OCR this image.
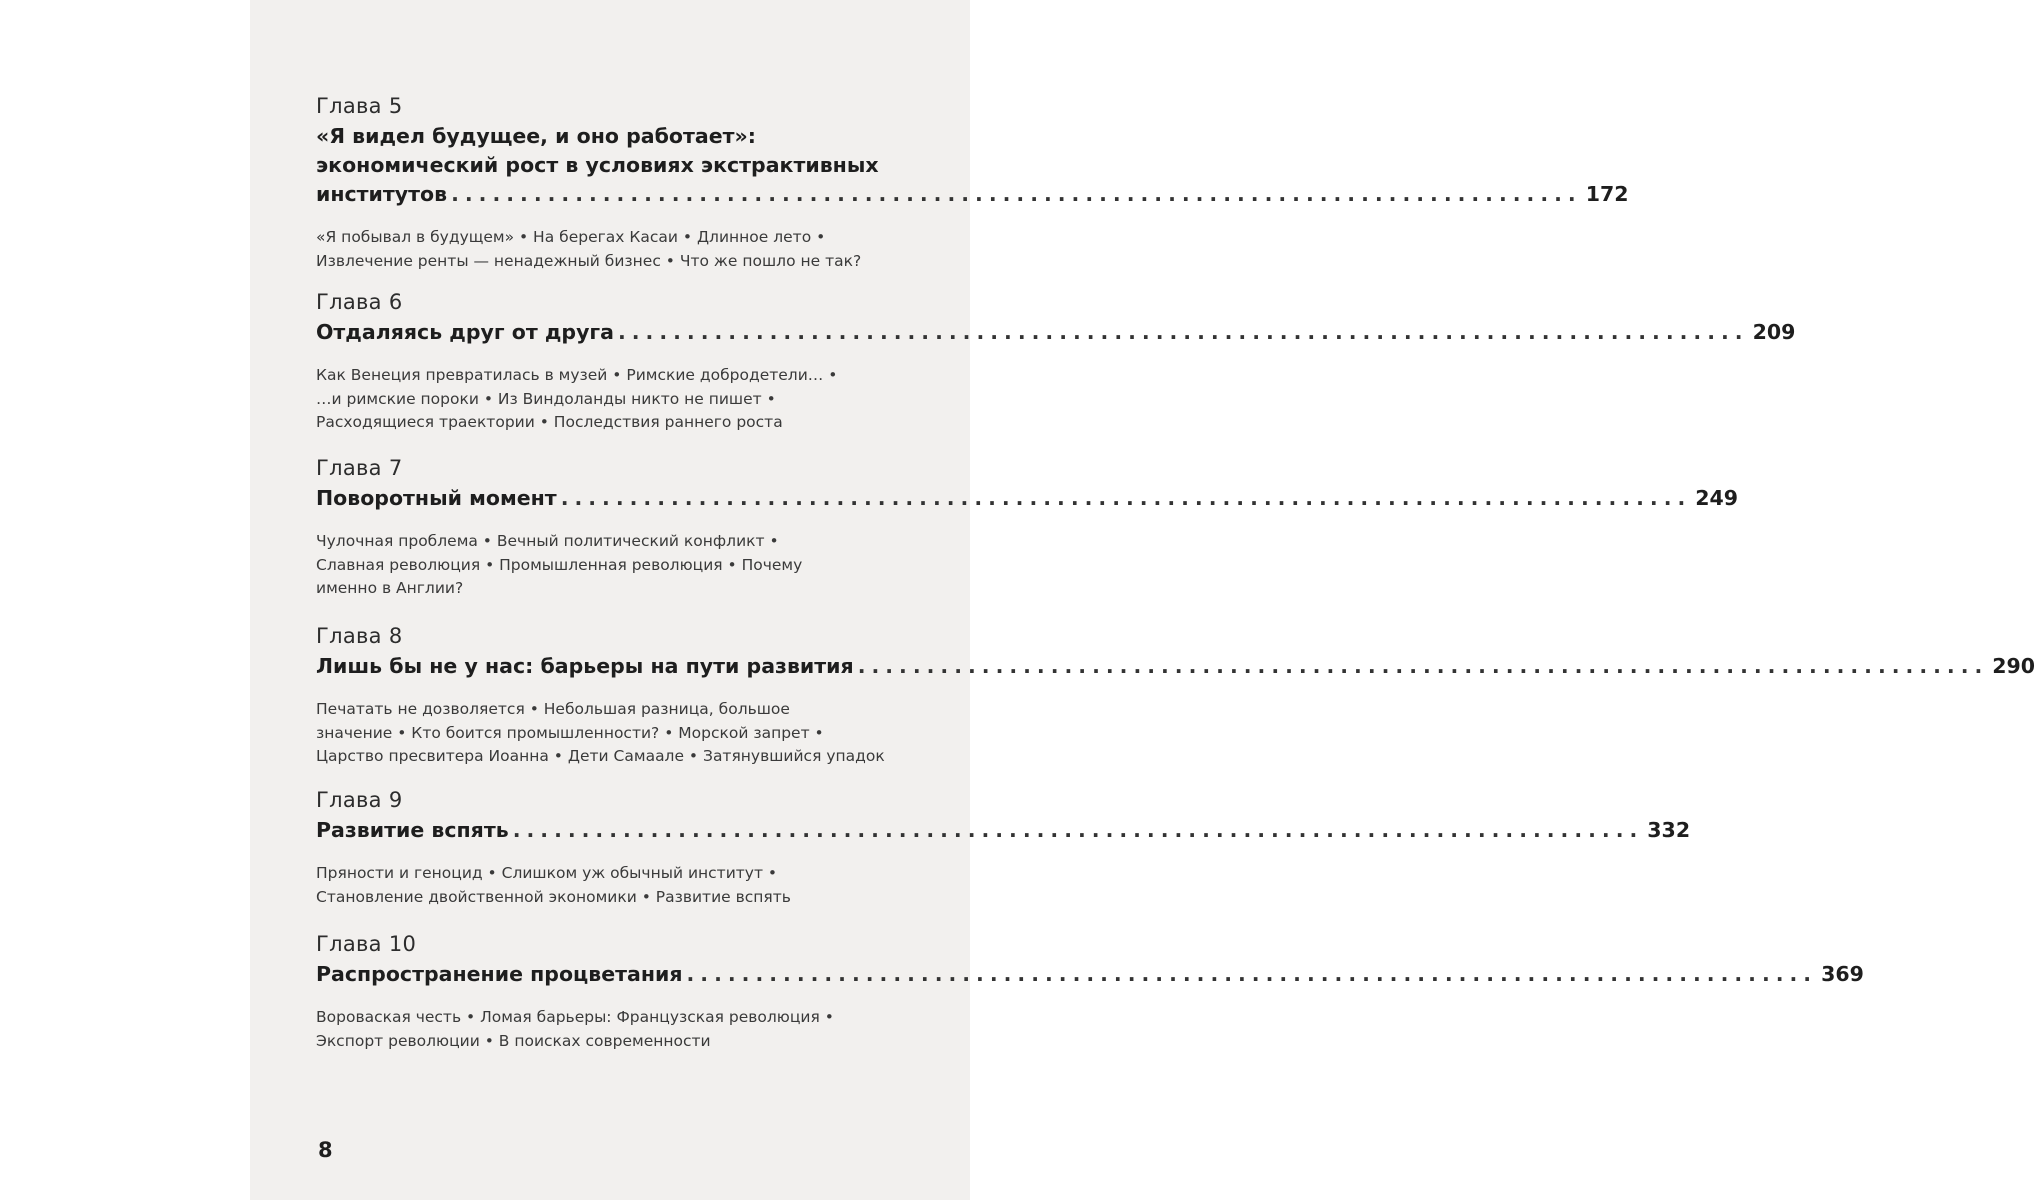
Глава 5
«Я видел будущее, и оно работает»:
экономический рост в условиях экстрактивных
институтов .................................................................................. 172
«Я побывал в будущем» • На берегах Касаи • Длинное лето •
Извлечение ренты — ненадежный бизнес • Что же пошло не так?
Глава 6
Отдаляясь друг от друга .................................................................................. 209
Как Венеция превратилась в музей • Римские добродетели… •
…и римские пороки • Из Виндоланды никто не пишет •
Расходящиеся траектории • Последствия раннего роста
Глава 7
Поворотный момент .................................................................................. 249
Чулочная проблема • Вечный политический конфликт •
Славная революция • Промышленная революция • Почему
именно в Англии?
Глава 8
Лишь бы не у нас: барьеры на пути развития .................................................................................. 290
Печатать не дозволяется • Небольшая разница, большое
значение • Кто боится промышленности? • Морской запрет •
Царство пресвитера Иоанна • Дети Самаале • Затянувшийся упадок
Глава 9
Развитие вспять .................................................................................. 332
Пряности и геноцид • Слишком уж обычный институт •
Становление двойственной экономики • Развитие вспять
Глава 10
Распространение процветания .................................................................................. 369
Вороваская честь • Ломая барьеры: Французская революция •
Экспорт революции • В поисках современности
8
